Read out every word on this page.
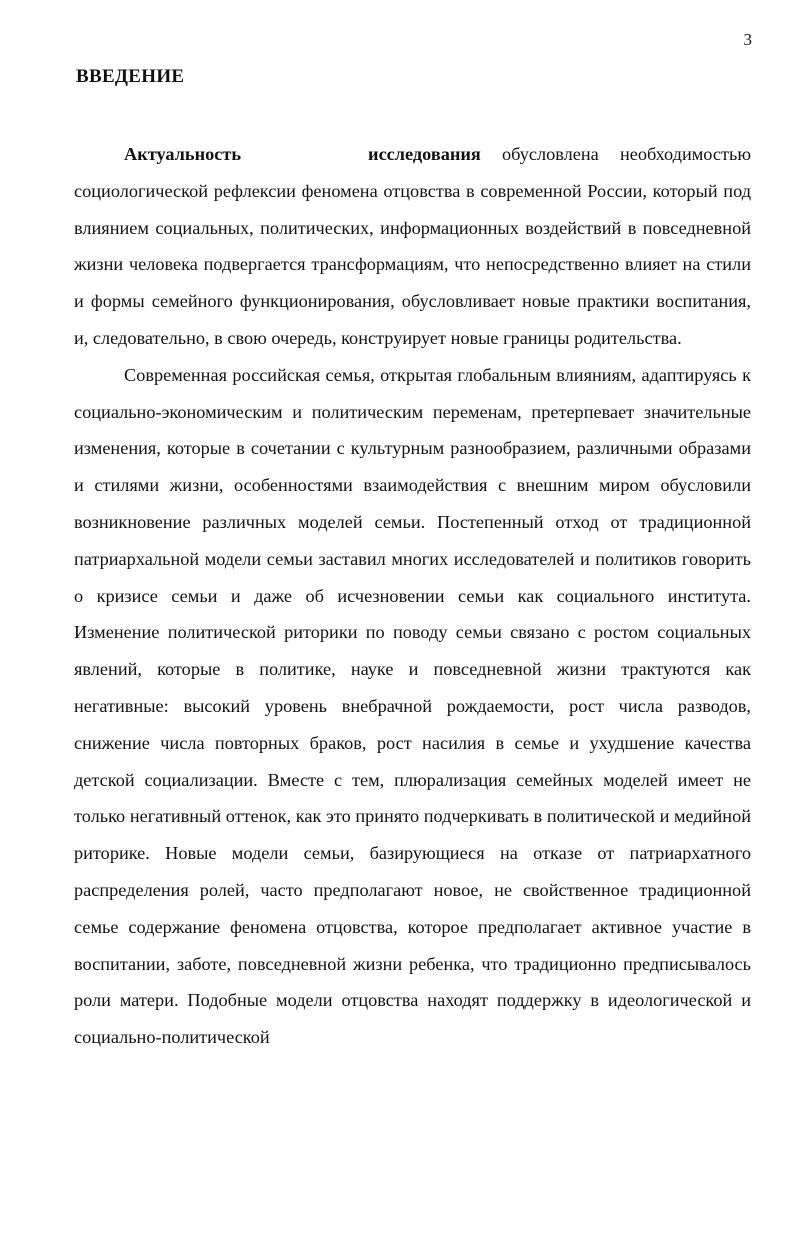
3
ВВЕДЕНИЕ

Актуальность	исследования обусловлена необходимостью социологической рефлексии феномена отцовства в современной России, который под влиянием социальных, политических, информационных воздействий в повседневной жизни человека подвергается трансформациям, что непосредственно влияет на стили и формы семейного функционирования, обусловливает новые практики воспитания, и, следовательно, в свою очередь, конструирует новые границы родительства.

Современная российская семья, открытая глобальным влияниям, адаптируясь к социально-экономическим и политическим переменам, претерпевает значительные изменения, которые в сочетании с культурным разнообразием, различными образами и стилями жизни, особенностями взаимодействия с внешним миром обусловили возникновение различных моделей семьи. Постепенный отход от традиционной патриархальной модели семьи заставил многих исследователей и политиков говорить о кризисе семьи и даже об исчезновении семьи как социального института. Изменение политической риторики по поводу семьи связано с ростом социальных явлений, которые в политике, науке и повседневной жизни трактуются как негативные: высокий уровень внебрачной рождаемости, рост числа разводов, снижение числа повторных браков, рост насилия в семье и ухудшение качества детской социализации. Вместе с тем, плюрализация семейных моделей имеет не только негативный оттенок, как это принято подчеркивать в политической и медийной риторике. Новые модели семьи, базирующиеся на отказе от патриархатного распределения ролей, часто предполагают новое, не свойственное традиционной семье содержание феномена отцовства, которое предполагает активное участие в воспитании, заботе, повседневной жизни ребенка, что традиционно предписывалось роли матери. Подобные модели отцовства находят поддержку в идеологической и социально-политической
